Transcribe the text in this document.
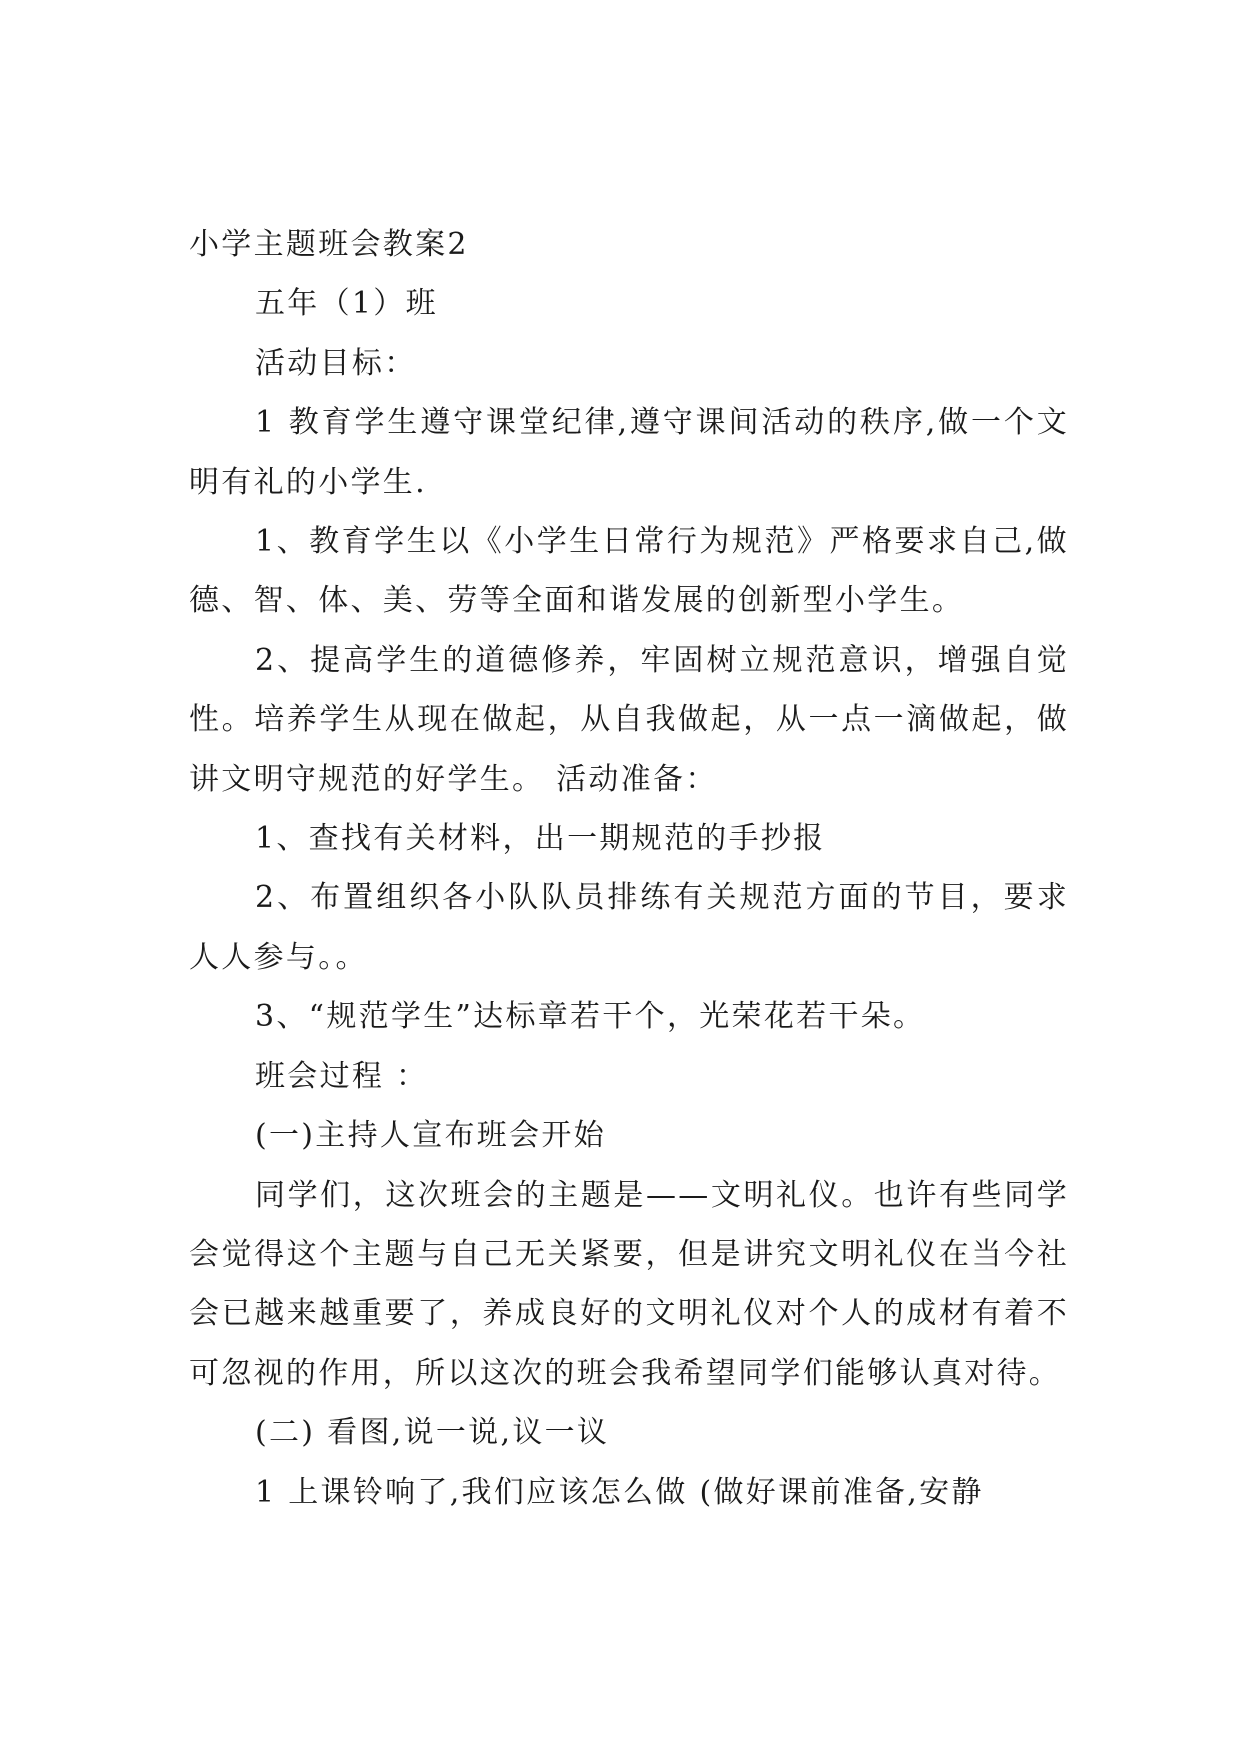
小学主题班会教案2

五年（1）班

活动目标：

1 教育学生遵守课堂纪律,遵守课间活动的秩序,做一个文明有礼的小学生.

1、教育学生以《小学生日常行为规范》严格要求自己,做德、智、体、美、劳等全面和谐发展的创新型小学生。

2、提高学生的道德修养，牢固树立规范意识，增强自觉性。培养学生从现在做起，从自我做起，从一点一滴做起，做讲文明守规范的好学生。 活动准备：

1、查找有关材料，出一期规范的手抄报

2、布置组织各小队队员排练有关规范方面的节目，要求人人参与。。

3、“规范学生”达标章若干个，光荣花若干朵。

班会过程 ：

(一)主持人宣布班会开始

同学们，这次班会的主题是——文明礼仪。也许有些同学会觉得这个主题与自己无关紧要，但是讲究文明礼仪在当今社会已越来越重要了，养成良好的文明礼仪对个人的成材有着不可忽视的作用，所以这次的班会我希望同学们能够认真对待。

(二) 看图,说一说,议一议

1 上课铃响了,我们应该怎么做 (做好课前准备,安静
